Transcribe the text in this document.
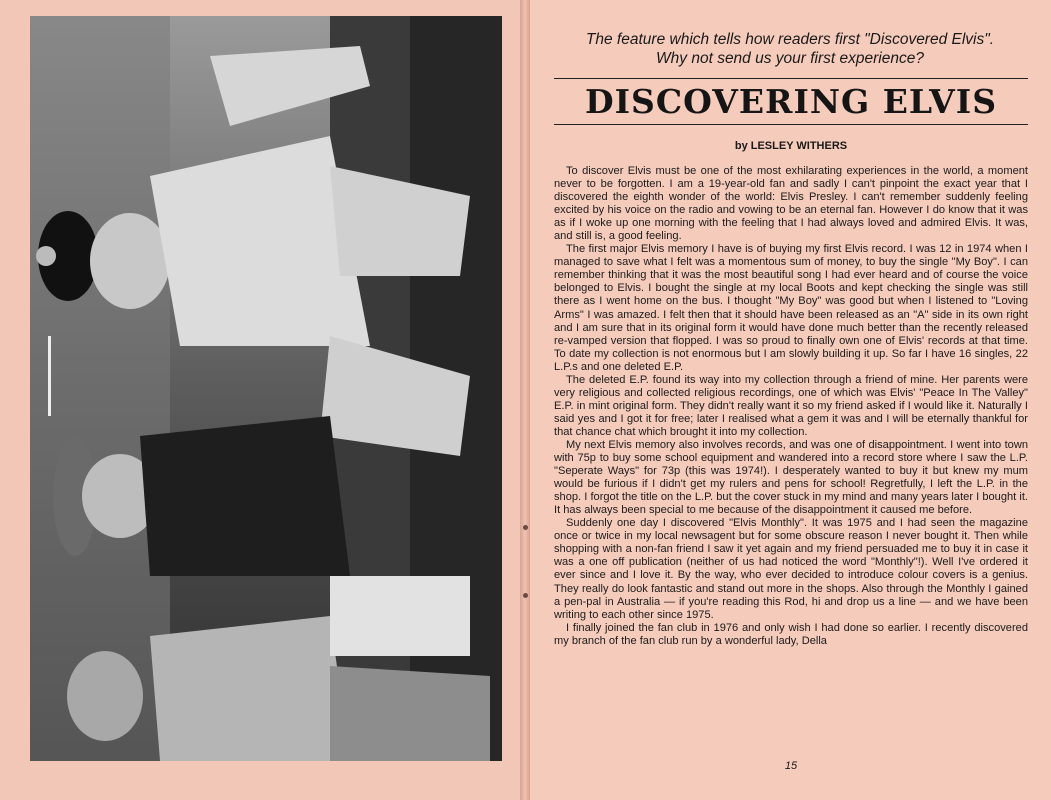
The feature which tells how readers first "Discovered Elvis". Why not send us your first experience?
DISCOVERING ELVIS
by LESLEY WITHERS

To discover Elvis must be one of the most exhilarating experiences in the world, a moment never to be forgotten. I am a 19-year-old fan and sadly I can't pinpoint the exact year that I discovered the eighth wonder of the world: Elvis Presley. I can't remember suddenly feeling excited by his voice on the radio and vowing to be an eternal fan. However I do know that it was as if I woke up one morning with the feeling that I had always loved and admired Elvis. It was, and still is, a good feeling.

The first major Elvis memory I have is of buying my first Elvis record. I was 12 in 1974 when I managed to save what I felt was a momentous sum of money, to buy the single "My Boy". I can remember thinking that it was the most beautiful song I had ever heard and of course the voice belonged to Elvis. I bought the single at my local Boots and kept checking the single was still there as I went home on the bus. I thought "My Boy" was good but when I listened to "Loving Arms" I was amazed. I felt then that it should have been released as an "A" side in its own right and I am sure that in its original form it would have done much better than the recently released re-vamped version that flopped. I was so proud to finally own one of Elvis' records at that time. To date my collection is not enormous but I am slowly building it up. So far I have 16 singles, 22 L.P.s and one deleted E.P.

The deleted E.P. found its way into my collection through a friend of mine. Her parents were very religious and collected religious recordings, one of which was Elvis' "Peace In The Valley" E.P. in mint original form. They didn't really want it so my friend asked if I would like it. Naturally I said yes and I got it for free; later I realised what a gem it was and I will be eternally thankful for that chance chat which brought it into my collection.

My next Elvis memory also involves records, and was one of disappointment. I went into town with 75p to buy some school equipment and wandered into a record store where I saw the L.P. "Seperate Ways" for 73p (this was 1974!). I desperately wanted to buy it but knew my mum would be furious if I didn't get my rulers and pens for school! Regretfully, I left the L.P. in the shop. I forgot the title on the L.P. but the cover stuck in my mind and many years later I bought it. It has always been special to me because of the disappointment it caused me before.

Suddenly one day I discovered "Elvis Monthly". It was 1975 and I had seen the magazine once or twice in my local newsagent but for some obscure reason I never bought it. Then while shopping with a non-fan friend I saw it yet again and my friend persuaded me to buy it in case it was a one off publication (neither of us had noticed the word "Monthly"!). Well I've ordered it ever since and I love it. By the way, who ever decided to introduce colour covers is a genius. They really do look fantastic and stand out more in the shops. Also through the Monthly I gained a pen-pal in Australia — if you're reading this Rod, hi and drop us a line — and we have been writing to each other since 1975.

I finally joined the fan club in 1976 and only wish I had done so earlier. I recently discovered my branch of the fan club run by a wonderful lady, Della

15
